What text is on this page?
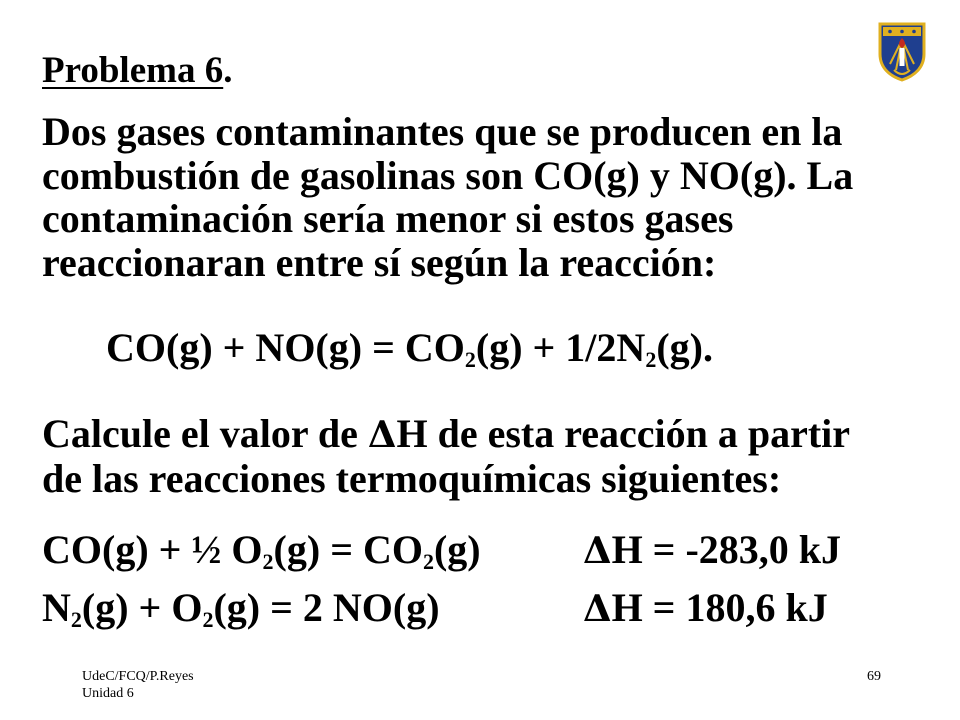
Problema 6.
Dos gases contaminantes que se producen en la
combustión de gasolinas son CO(g) y NO(g). La
contaminación sería menor si estos gases
reaccionaran entre sí según la reacción:
$CO(g) + NO(g) = CO_2(g) + 1/2N_2(g)$.
Calcule el valor de ΔH de esta reacción a partir
de las reacciones termoquímicas siguientes:
CO(g) + ½ $O_2(g) = CO_2(g)$	ΔH = -283,0 kJ
$N_2(g) + O_2(g) = 2$ NO(g)	ΔH = 180,6 kJ
UdeC/FCQ/P.Reyes
Unidad 6
69
